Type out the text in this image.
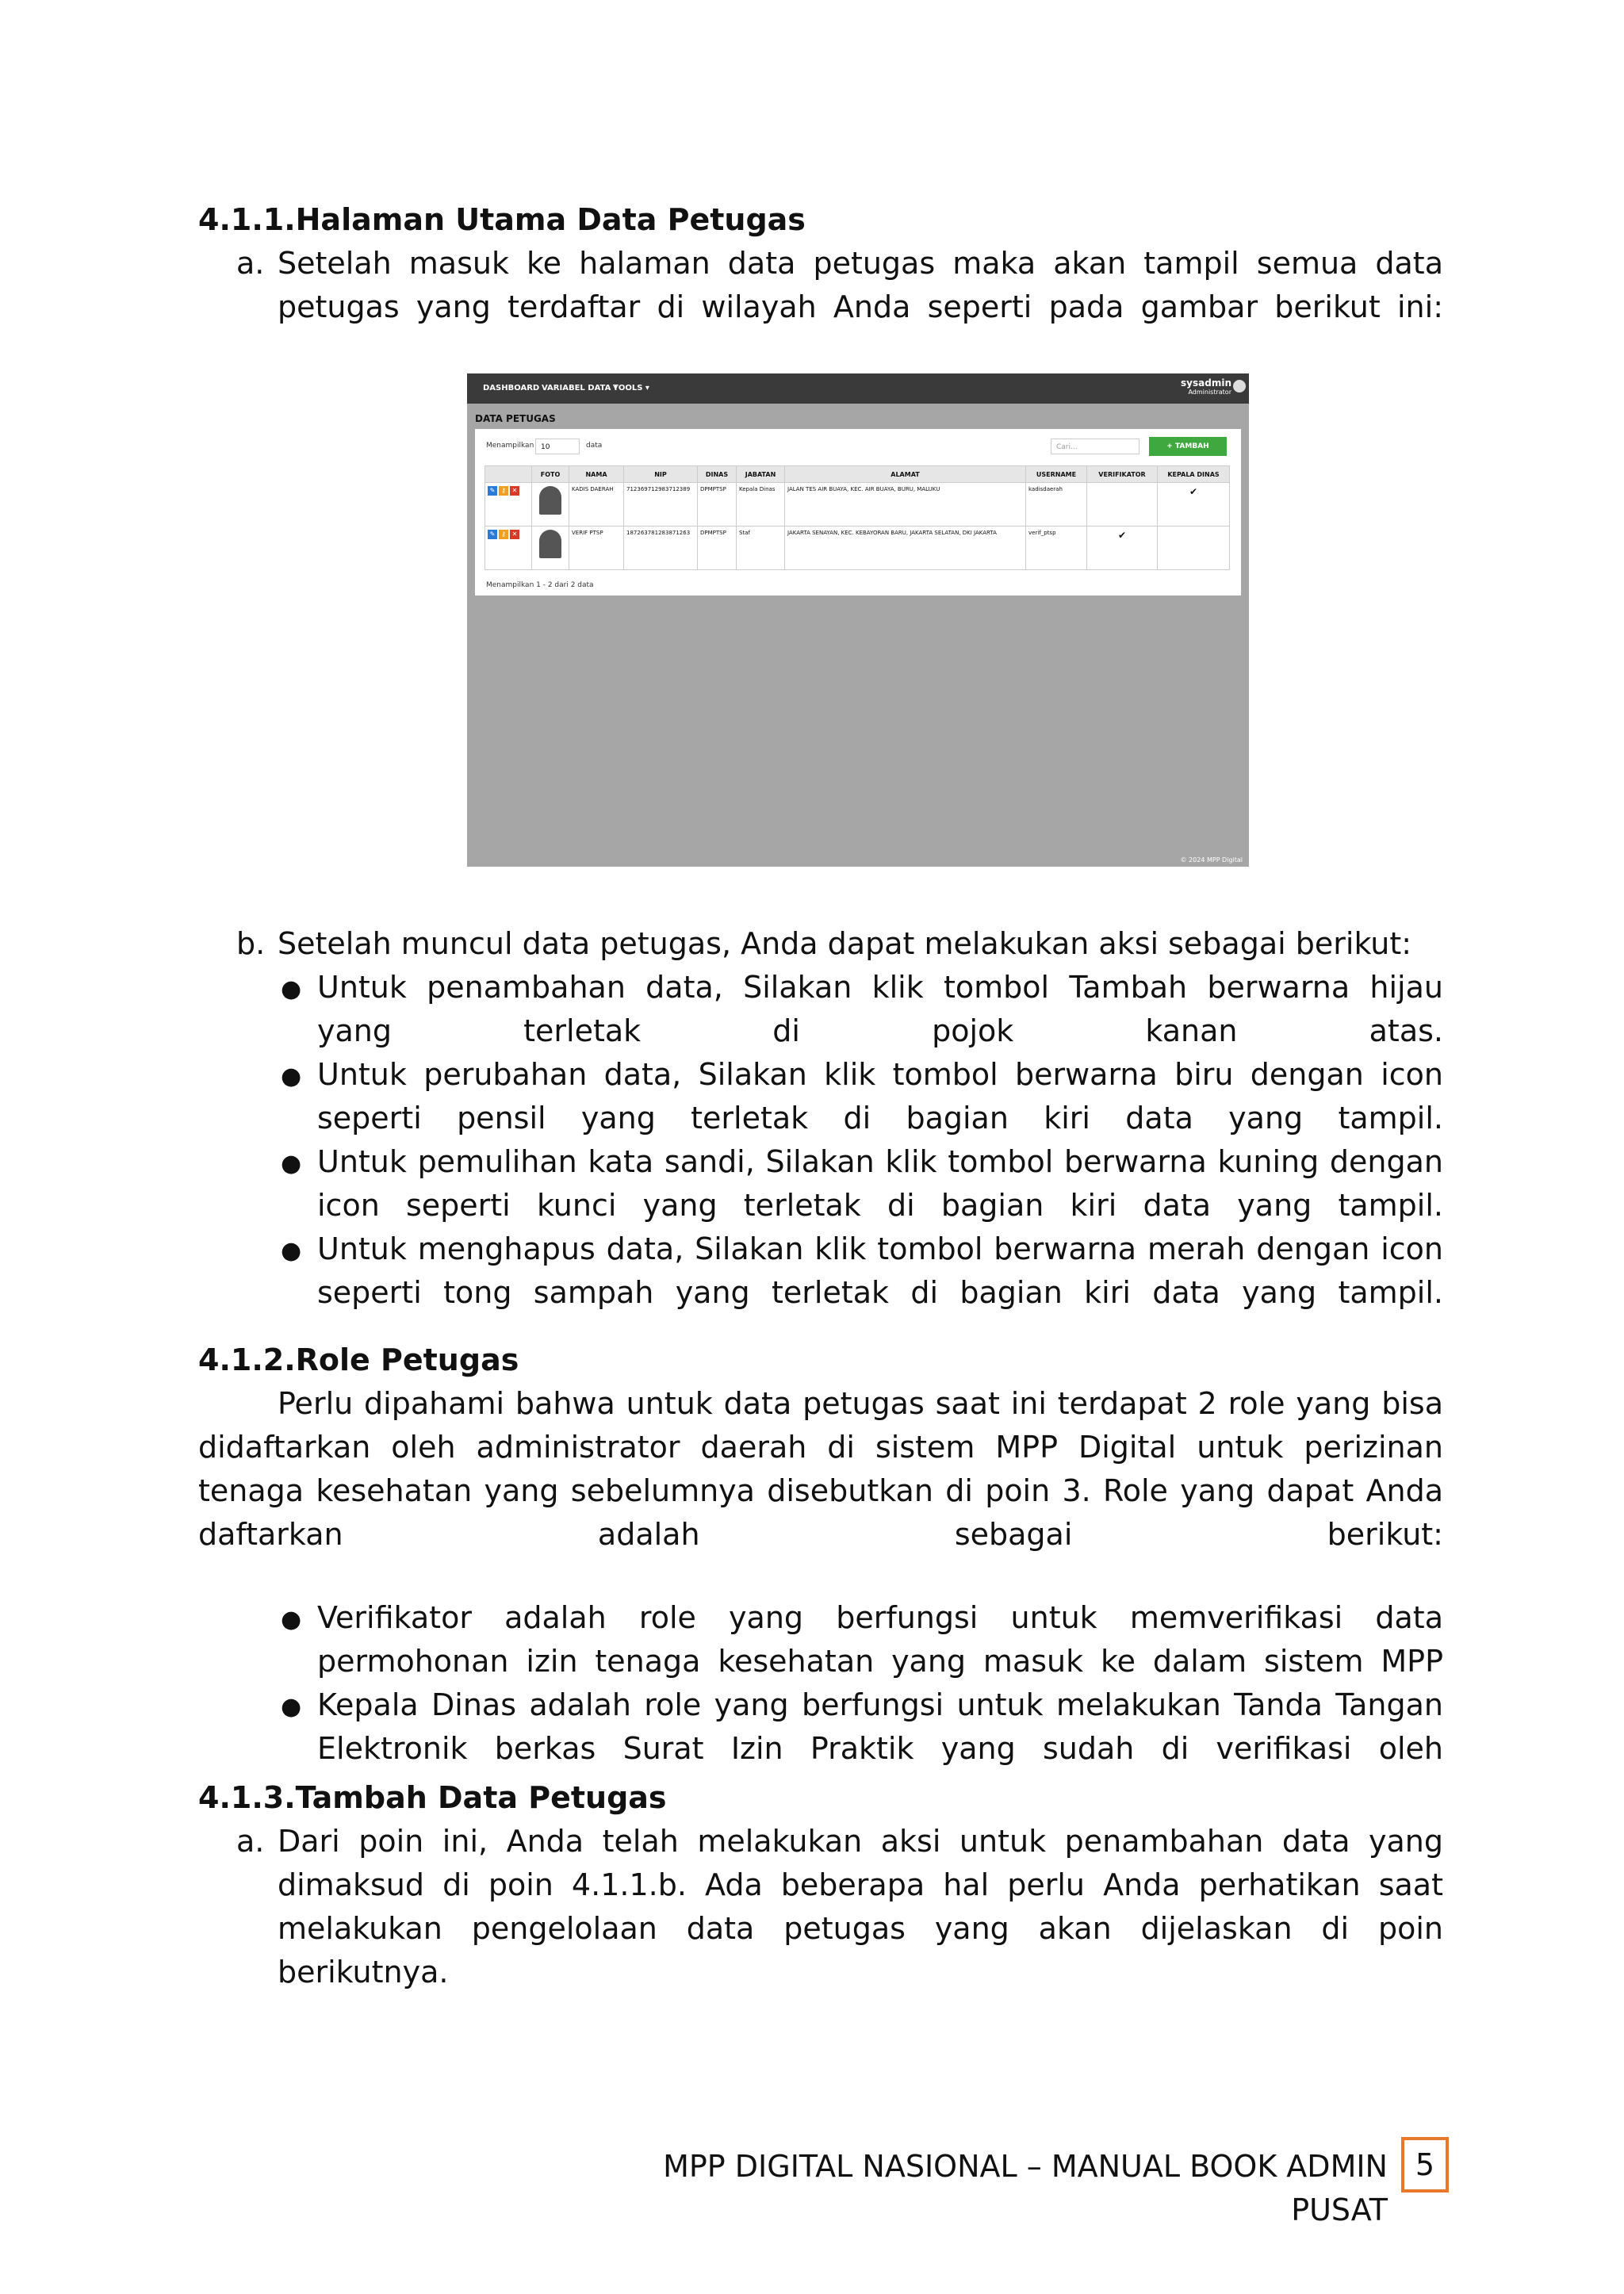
4.1.1.Halaman Utama Data Petugas
a. Setelah masuk ke halaman data petugas maka akan tampil semua data petugas yang terdaftar di wilayah Anda seperti pada gambar berikut ini:
DASHBOARD VARIABEL DATA ▾
TOOLS ▾	sysadmin
Administrator
DATA PETUGAS
Menampilkan 10	data	Cari...	+ TAMBAH
	FOTO	NAMA	NIP	DINAS	JABATAN	ALAMAT	USERNAME	VERIFIKATOR	KEPALA DINAS
✎ ⚷ ✕		KADIS DAERAH	712369712983712389	DPMPTSP	Kepala Dinas	JALAN TES AIR BUAYA, KEC. AIR BUAYA, BURU, MALUKU	kadisdaerah		✔
✎ ⚷ ✕		VERIF PTSP	187263781283871263	DPMPTSP	Staf	JAKARTA SENAYAN, KEC. KEBAYORAN BARU, JAKARTA SELATAN, DKI JAKARTA	verif_ptsp	✔	
Menampilkan 1 - 2 dari 2 data
© 2024 MPP Digital
b. Setelah muncul data petugas, Anda dapat melakukan aksi sebagai berikut:
● Untuk penambahan data, Silakan klik tombol Tambah berwarna hijau yang terletak di pojok kanan atas.
● Untuk perubahan data, Silakan klik tombol berwarna biru dengan icon seperti pensil yang terletak di bagian kiri data yang tampil.
● Untuk pemulihan kata sandi, Silakan klik tombol berwarna kuning dengan icon seperti kunci yang terletak di bagian kiri data yang tampil.
● Untuk menghapus data, Silakan klik tombol berwarna merah dengan icon seperti tong sampah yang terletak di bagian kiri data yang tampil.
4.1.2.Role Petugas
Perlu dipahami bahwa untuk data petugas saat ini terdapat 2 role yang bisa didaftarkan oleh administrator daerah di sistem MPP Digital untuk perizinan tenaga kesehatan yang sebelumnya disebutkan di poin 3. Role yang dapat Anda daftarkan adalah sebagai berikut:
● Verifikator adalah role yang berfungsi untuk memverifikasi data permohonan izin tenaga kesehatan yang masuk ke dalam sistem MPP
● Kepala Dinas adalah role yang berfungsi untuk melakukan Tanda Tangan Elektronik berkas Surat Izin Praktik yang sudah di verifikasi oleh
4.1.3.Tambah Data Petugas
a. Dari poin ini, Anda telah melakukan aksi untuk penambahan data yang dimaksud di poin 4.1.1.b. Ada beberapa hal perlu Anda perhatikan saat melakukan pengelolaan data petugas yang akan dijelaskan di poin berikutnya.
MPP DIGITAL NASIONAL – MANUAL BOOK ADMIN PUSAT
5
